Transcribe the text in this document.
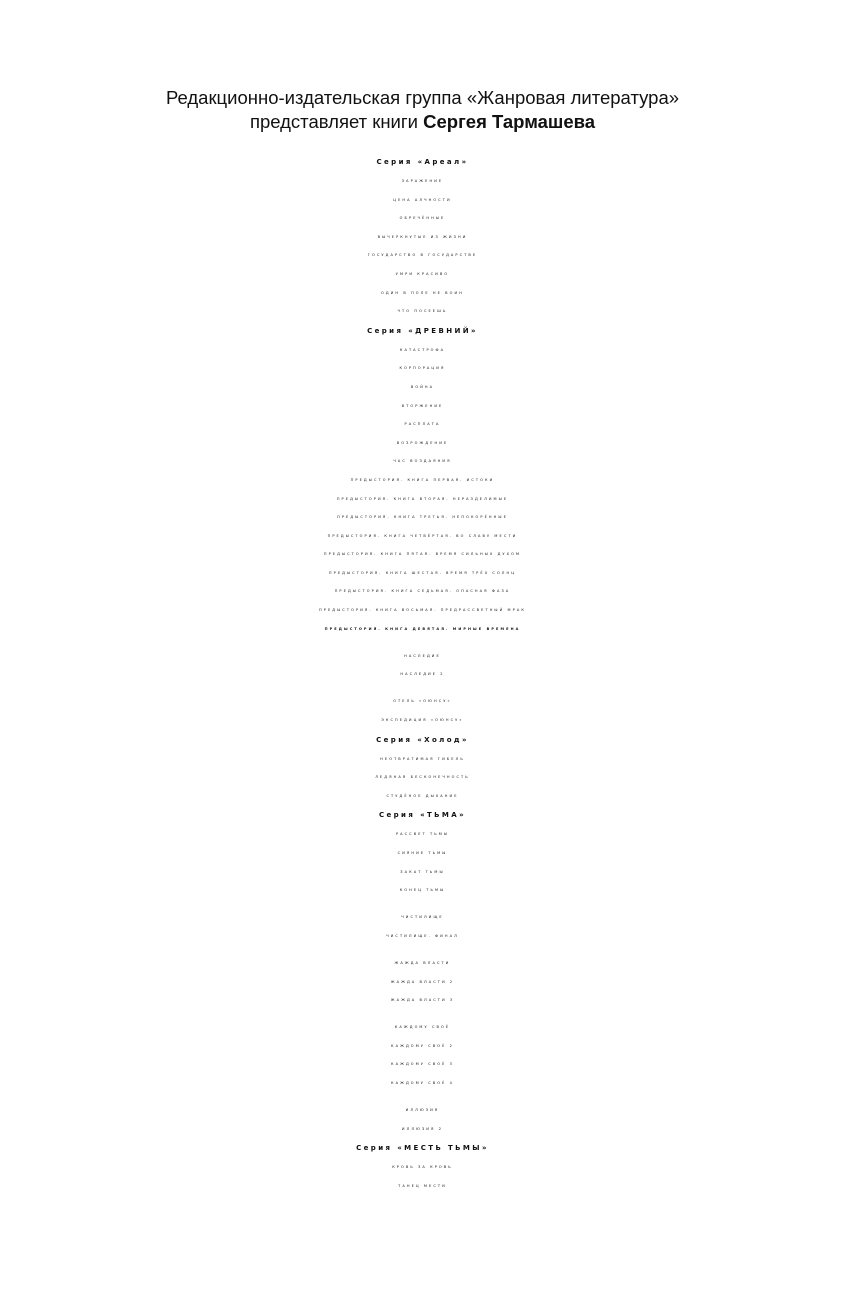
Редакционно-издательская группа «Жанровая литература»
представляет книги Сергея Тармашева
Серия «Ареал»
ЗАРАЖЕНИЕ
ЦЕНА АЛЧНОСТИ
ОБРЕЧЁННЫЕ
ВЫЧЕРКНУТЫЕ ИЗ ЖИЗНИ
ГОСУДАРСТВО В ГОСУДАРСТВЕ
УМРИ КРАСИВО
ОДИН В ПОЛЕ НЕ ВОИН
ЧТО ПОСЕЕШЬ
Серия «ДРЕВНИЙ»
КАТАСТРОФА
КОРПОРАЦИЯ
ВОЙНА
ВТОРЖЕНИЕ
РАСПЛАТА
ВОЗРОЖДЕНИЕ
ЧАС ВОЗДАЯНИЯ
ПРЕДЫСТОРИЯ. КНИГА ПЕРВАЯ. ИСТОКИ
ПРЕДЫСТОРИЯ. КНИГА ВТОРАЯ. НЕРАЗДЕЛИМЫЕ
ПРЕДЫСТОРИЯ. КНИГА ТРЕТЬЯ. НЕПОКОРЁННЫЕ
ПРЕДЫСТОРИЯ. КНИГА ЧЕТВЁРТАЯ. ВО СЛАВУ МЕСТИ
ПРЕДЫСТОРИЯ. КНИГА ПЯТАЯ. ВРЕМЯ СИЛЬНЫХ ДУХОМ
ПРЕДЫСТОРИЯ. КНИГА ШЕСТАЯ. ВРЕМЯ ТРЁХ СОЛНЦ
ПРЕДЫСТОРИЯ. КНИГА СЕДЬМАЯ. ОПАСНАЯ ФАЗА
ПРЕДЫСТОРИЯ. КНИГА ВОСЬМАЯ. ПРЕДРАССВЕТНЫЙ МРАК
ПРЕДЫСТОРИЯ. КНИГА ДЕВЯТАЯ. МИРНЫЕ ВРЕМЕНА
НАСЛЕДИЕ
НАСЛЕДИЕ 2
ОТЕЛЬ «ОЮНСУ»
ЭКСПЕДИЦИЯ «ОЮНСУ»
Серия «Холод»
НЕОТВРАТИМАЯ ГИБЕЛЬ
ЛЕДЯНАЯ БЕСКОНЕЧНОСТЬ
СТУДЁНОЕ ДЫХАНИЕ
Серия «ТЬМА»
РАССВЕТ ТЬМЫ
СИЯНИЕ ТЬМЫ
ЗАКАТ ТЬМЫ
КОНЕЦ ТЬМЫ
ЧИСТИЛИЩЕ
ЧИСТИЛИЩЕ. ФИНАЛ
ЖАЖДА ВЛАСТИ
ЖАЖДА ВЛАСТИ 2
ЖАЖДА ВЛАСТИ 3
КАЖДОМУ СВОЁ
КАЖДОМУ СВОЁ 2
КАЖДОМУ СВОЁ 3
КАЖДОМУ СВОЁ 4
ИЛЛЮЗИЯ
ИЛЛЮЗИЯ 2
Серия «МЕСТЬ ТЬМЫ»
КРОВЬ ЗА КРОВЬ
ТАНЕЦ МЕСТИ
